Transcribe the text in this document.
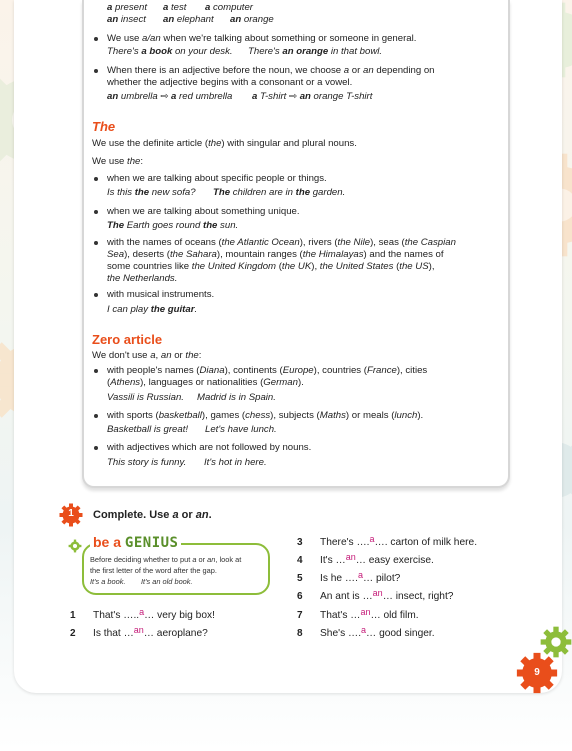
a present a test a computer
an insect an elephant an orange
We use a/an when we're talking about something or someone in general.
There's a book on your desk. There's an orange in that bowl.
When there is an adjective before the noun, we choose a or an depending on
whether the adjective begins with a consonant or a vowel.
an umbrella ⇨ a red umbrella a T-shirt ⇨ an orange T-shirt
The
We use the definite article (the) with singular and plural nouns.
We use the:
when we are talking about specific people or things.
Is this the new sofa? The children are in the garden.
when we are talking about something unique.
The Earth goes round the sun.
with the names of oceans (the Atlantic Ocean), rivers (the Nile), seas (the Caspian
Sea), deserts (the Sahara), mountain ranges (the Himalayas) and the names of
some countries like the United Kingdom (the UK), the United States (the US),
the Netherlands.
with musical instruments.
I can play the guitar.
Zero article
We don't use a, an or the:
with people's names (Diana), continents (Europe), countries (France), cities
(Athens), languages or nationalities (German).
Vassili is Russian. Madrid is in Spain.
with sports (basketball), games (chess), subjects (Maths) or meals (lunch).
Basketball is great! Let's have lunch.
with adjectives which are not followed by nouns.
This story is funny. It's hot in here.
1	Complete. Use a or an.
be a GENIUS
Before deciding whether to put a or an, look at
the first letter of the word after the gap.
It's a book. It's an old book.
1 That's …..a… very big box!
2 Is that …an… aeroplane?
3 There's ….a…. carton of milk here.
4 It's …an… easy exercise.
5 Is he ….a… pilot?
6 An ant is …an… insect, right?
7 That's …an… old film.
8 She's ….a… good singer.
9
